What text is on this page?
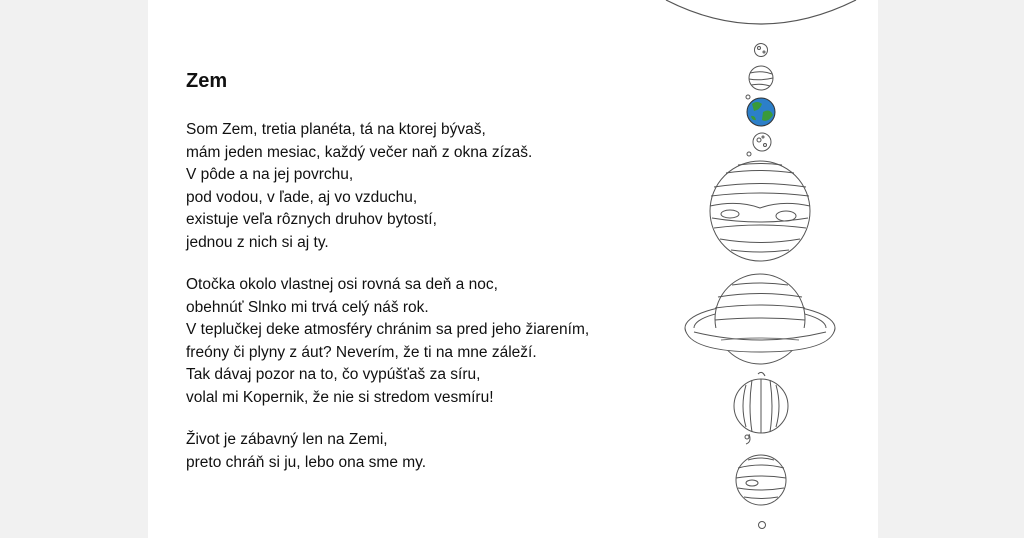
Zem
Som Zem, tretia planéta, tá na ktorej bývaš,
mám jeden mesiac, každý večer naň z okna zízaš.
V pôde a na jej povrchu,
pod vodou, v ľade, aj vo vzduchu,
existuje veľa rôznych druhov bytostí,
jednou z nich si aj ty.
Otočka okolo vlastnej osi rovná sa deň a noc,
obehnúť Slnko mi trvá celý náš rok.
V teplučkej deke atmosféry chránim sa pred jeho žiarením,
freóny či plyny z áut? Neverím, že ti na mne záleží.
Tak dávaj pozor na to, čo vypúšťaš za síru,
volal mi Kopernik, že nie si stredom vesmíru!
Život je zábavný len na Zemi,
preto chráň si ju, lebo ona sme my.
